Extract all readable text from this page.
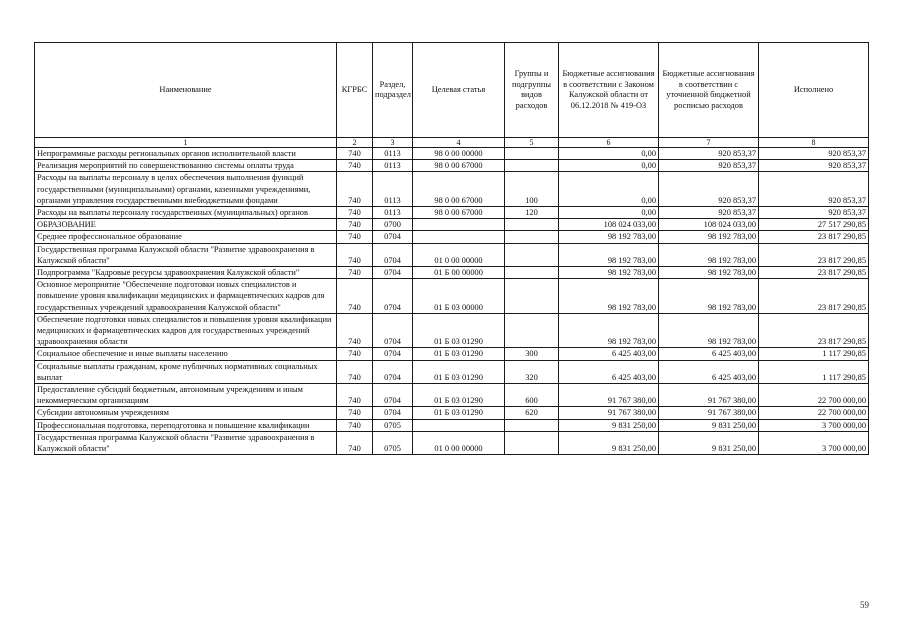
Наименование	КГРБС	Раздел, подраздел	Целевая статья	Группы и подгруппы видов расходов	Бюджетные ассигнования в соответствии с Законом Калужской области от 06.12.2018 № 419-ОЗ	Бюджетные ассигнования в соответствии с уточненной бюджетной росписью расходов	Исполнено
1	2	3	4	5	6	7	8
Непрограммные расходы региональных органов исполнительной власти	740	0113	98 0 00 00000		0,00	920 853,37	920 853,37
Реализация мероприятий по совершенствованию системы оплаты труда	740	0113	98 0 00 67000		0,00	920 853,37	920 853,37
Расходы на выплаты персоналу в целях обеспечения выполнения функций государственными (муниципальными) органами, казенными учреждениями, органами управления государственными внебюджетными фондами	740	0113	98 0 00 67000	100	0,00	920 853,37	920 853,37
Расходы на выплаты персоналу государственных (муниципальных) органов	740	0113	98 0 00 67000	120	0,00	920 853,37	920 853,37
ОБРАЗОВАНИЕ	740	0700			108 024 033,00	108 024 033,00	27 517 290,85
Среднее профессиональное образование	740	0704			98 192 783,00	98 192 783,00	23 817 290,85
Государственная программа Калужской области "Развитие здравоохранения в Калужской области"	740	0704	01 0 00 00000		98 192 783,00	98 192 783,00	23 817 290,85
Подпрограмма "Кадровые ресурсы здравоохранения Калужской области"	740	0704	01 Б 00 00000		98 192 783,00	98 192 783,00	23 817 290,85
Основное мероприятие "Обеспечение подготовки новых специалистов и повышение уровня квалификации медицинских и фармацевтических кадров для государственных учреждений здравоохранения Калужской области"	740	0704	01 Б 03 00000		98 192 783,00	98 192 783,00	23 817 290,85
Обеспечение подготовки новых специалистов и повышения уровня квалификации медицинских и фармацевтических кадров для государственных учреждений здравоохранения области	740	0704	01 Б 03 01290		98 192 783,00	98 192 783,00	23 817 290,85
Социальное обеспечение и иные выплаты населению	740	0704	01 Б 03 01290	300	6 425 403,00	6 425 403,00	1 117 290,85
Социальные выплаты гражданам, кроме публичных нормативных социальных выплат	740	0704	01 Б 03 01290	320	6 425 403,00	6 425 403,00	1 117 290,85
Предоставление субсидий бюджетным, автономным учреждениям и иным некоммерческим организациям	740	0704	01 Б 03 01290	600	91 767 380,00	91 767 380,00	22 700 000,00
Субсидии автономным учреждениям	740	0704	01 Б 03 01290	620	91 767 380,00	91 767 380,00	22 700 000,00
Профессиональная подготовка, переподготовка и повышение квалификации	740	0705			9 831 250,00	9 831 250,00	3 700 000,00
Государственная программа Калужской области "Развитие здравоохранения в Калужской области"	740	0705	01 0 00 00000		9 831 250,00	9 831 250,00	3 700 000,00
59
